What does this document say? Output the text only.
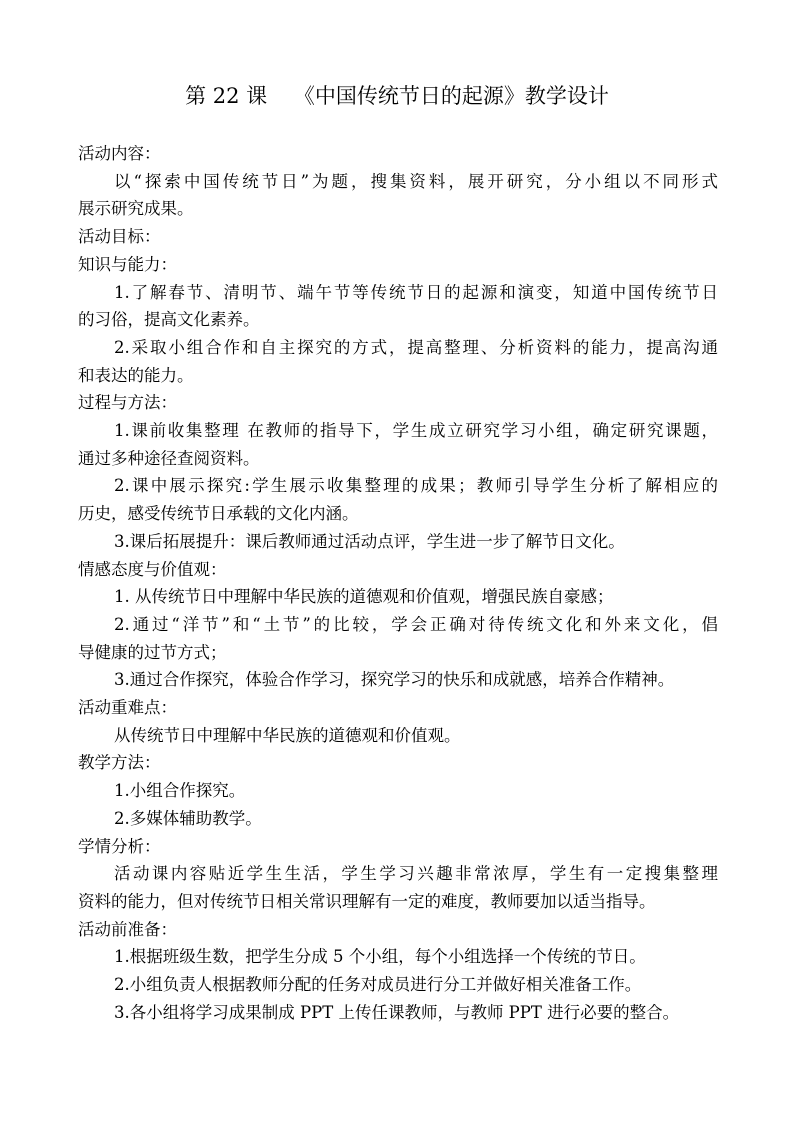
第 22 课    《中国传统节日的起源》教学设计
活动内容：
以“探索中国传统节日”为题，搜集资料，展开研究，分小组以不同形式
展示研究成果。
活动目标：
知识与能力：
1.了解春节、清明节、端午节等传统节日的起源和演变，知道中国传统节日
的习俗，提高文化素养。
2.采取小组合作和自主探究的方式，提高整理、分析资料的能力，提高沟通
和表达的能力。
过程与方法：
1.课前收集整理 在教师的指导下，学生成立研究学习小组，确定研究课题，
通过多种途径查阅资料。
2.课中展示探究:学生展示收集整理的成果；教师引导学生分析了解相应的
历史，感受传统节日承载的文化内涵。
3.课后拓展提升：课后教师通过活动点评，学生进一步了解节日文化。
情感态度与价值观：
1. 从传统节日中理解中华民族的道德观和价值观，增强民族自豪感；
2.通过“洋节”和“土节”的比较，学会正确对待传统文化和外来文化，倡
导健康的过节方式；
3.通过合作探究，体验合作学习，探究学习的快乐和成就感，培养合作精神。
活动重难点：
从传统节日中理解中华民族的道德观和价值观。
教学方法：
1.小组合作探究。
2.多媒体辅助教学。
学情分析：
活动课内容贴近学生生活，学生学习兴趣非常浓厚，学生有一定搜集整理
资料的能力，但对传统节日相关常识理解有一定的难度，教师要加以适当指导。
活动前准备：
1.根据班级生数，把学生分成 5 个小组，每个小组选择一个传统的节日。
2.小组负责人根据教师分配的任务对成员进行分工并做好相关准备工作。
3.各小组将学习成果制成 PPT 上传任课教师，与教师 PPT 进行必要的整合。
